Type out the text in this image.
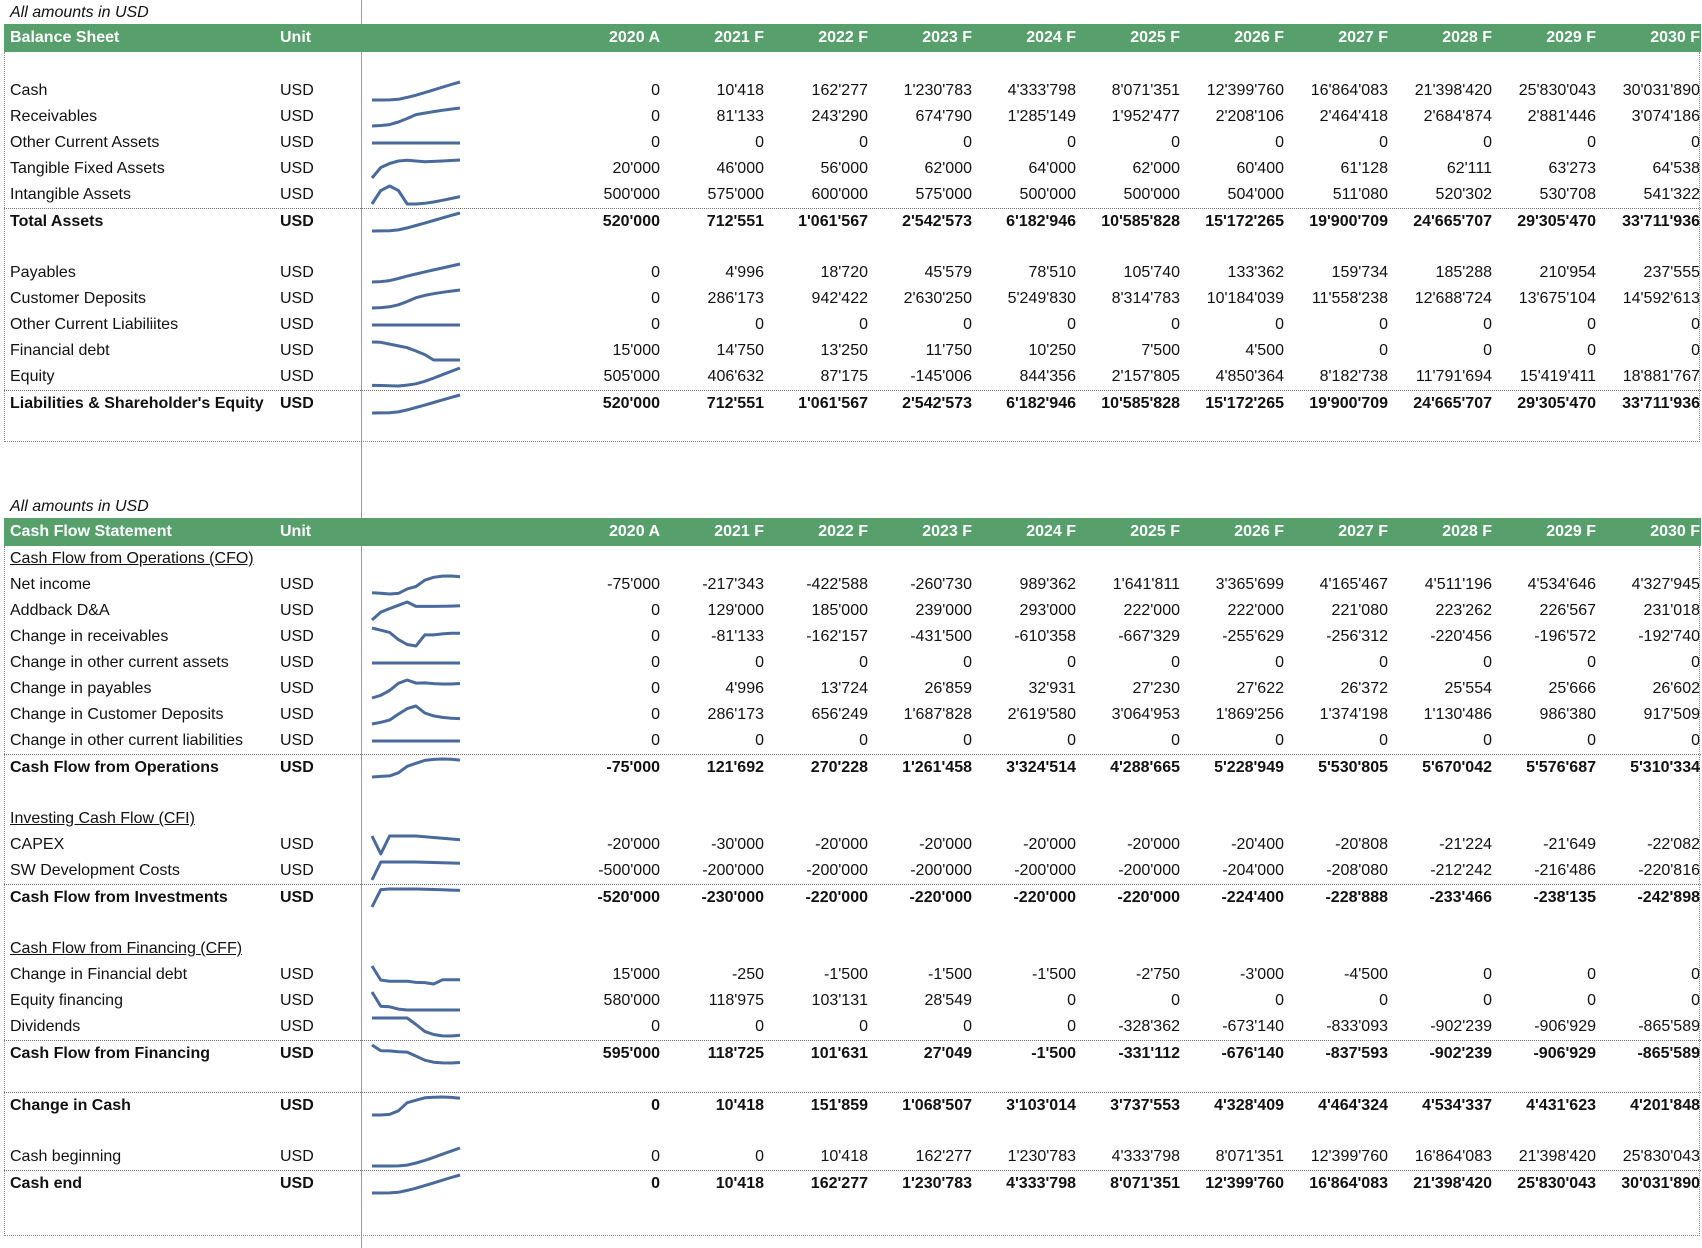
All amounts in USD
Balance Sheet	Unit	2020 A	2021 F	2022 F	2023 F	2024 F	2025 F	2026 F	2027 F	2028 F	2029 F	2030 F
Cash	USD	0	10'418	162'277	1'230'783	4'333'798	8'071'351	12'399'760	16'864'083	21'398'420	25'830'043	30'031'890
Receivables	USD	0	81'133	243'290	674'790	1'285'149	1'952'477	2'208'106	2'464'418	2'684'874	2'881'446	3'074'186
Other Current Assets	USD	0	0	0	0	0	0	0	0	0	0	0
Tangible Fixed Assets	USD	20'000	46'000	56'000	62'000	64'000	62'000	60'400	61'128	62'111	63'273	64'538
Intangible Assets	USD	500'000	575'000	600'000	575'000	500'000	500'000	504'000	511'080	520'302	530'708	541'322
Total Assets	USD	520'000	712'551	1'061'567	2'542'573	6'182'946	10'585'828	15'172'265	19'900'709	24'665'707	29'305'470	33'711'936
Payables	USD	0	4'996	18'720	45'579	78'510	105'740	133'362	159'734	185'288	210'954	237'555
Customer Deposits	USD	0	286'173	942'422	2'630'250	5'249'830	8'314'783	10'184'039	11'558'238	12'688'724	13'675'104	14'592'613
Other Current Liabiliites	USD	0	0	0	0	0	0	0	0	0	0	0
Financial debt	USD	15'000	14'750	13'250	11'750	10'250	7'500	4'500	0	0	0	0
Equity	USD	505'000	406'632	87'175	-145'006	844'356	2'157'805	4'850'364	8'182'738	11'791'694	15'419'411	18'881'767
Liabilities & Shareholder's Equity USD	520'000	712'551	1'061'567	2'542'573	6'182'946	10'585'828	15'172'265	19'900'709	24'665'707	29'305'470	33'711'936
All amounts in USD
Cash Flow Statement	Unit	2020 A	2021 F	2022 F	2023 F	2024 F	2025 F	2026 F	2027 F	2028 F	2029 F	2030 F
Cash Flow from Operations (CFO)
Investing Cash Flow (CFI)
Cash Flow from Financing (CFF)
Net income	USD	-75'000	-217'343	-422'588	-260'730	989'362	1'641'811	3'365'699	4'165'467	4'511'196	4'534'646	4'327'945
Addback D&A	USD	0	129'000	185'000	239'000	293'000	222'000	222'000	221'080	223'262	226'567	231'018
Change in receivables	USD	0	-81'133	-162'157	-431'500	-610'358	-667'329	-255'629	-256'312	-220'456	-196'572	-192'740
Change in other current assets	USD	0	0	0	0	0	0	0	0	0	0	0
Change in payables	USD	0	4'996	13'724	26'859	32'931	27'230	27'622	26'372	25'554	25'666	26'602
Change in Customer Deposits	USD	0	286'173	656'249	1'687'828	2'619'580	3'064'953	1'869'256	1'374'198	1'130'486	986'380	917'509
Change in other current liabilities USD	0	0	0	0	0	0	0	0	0	0	0
Cash Flow from Operations	USD	-75'000	121'692	270'228	1'261'458	3'324'514	4'288'665	5'228'949	5'530'805	5'670'042	5'576'687	5'310'334
CAPEX	USD	-20'000	-30'000	-20'000	-20'000	-20'000	-20'000	-20'400	-20'808	-21'224	-21'649	-22'082
SW Development Costs	USD	-500'000	-200'000	-200'000	-200'000	-200'000	-200'000	-204'000	-208'080	-212'242	-216'486	-220'816
Cash Flow from Investments	USD	-520'000	-230'000	-220'000	-220'000	-220'000	-220'000	-224'400	-228'888	-233'466	-238'135	-242'898
Change in Financial debt	USD	15'000	-250	-1'500	-1'500	-1'500	-2'750	-3'000	-4'500	0	0	0
Equity financing	USD	580'000	118'975	103'131	28'549	0	0	0	0	0	0	0
Dividends	USD	0	0	0	0	0	-328'362	-673'140	-833'093	-902'239	-906'929	-865'589
Cash Flow from Financing	USD	595'000	118'725	101'631	27'049	-1'500	-331'112	-676'140	-837'593	-902'239	-906'929	-865'589
Change in Cash	USD	0	10'418	151'859	1'068'507	3'103'014	3'737'553	4'328'409	4'464'324	4'534'337	4'431'623	4'201'848
Cash beginning	USD	0	0	10'418	162'277	1'230'783	4'333'798	8'071'351	12'399'760	16'864'083	21'398'420	25'830'043
Cash end	USD	0	10'418	162'277	1'230'783	4'333'798	8'071'351	12'399'760	16'864'083	21'398'420	25'830'043	30'031'890
